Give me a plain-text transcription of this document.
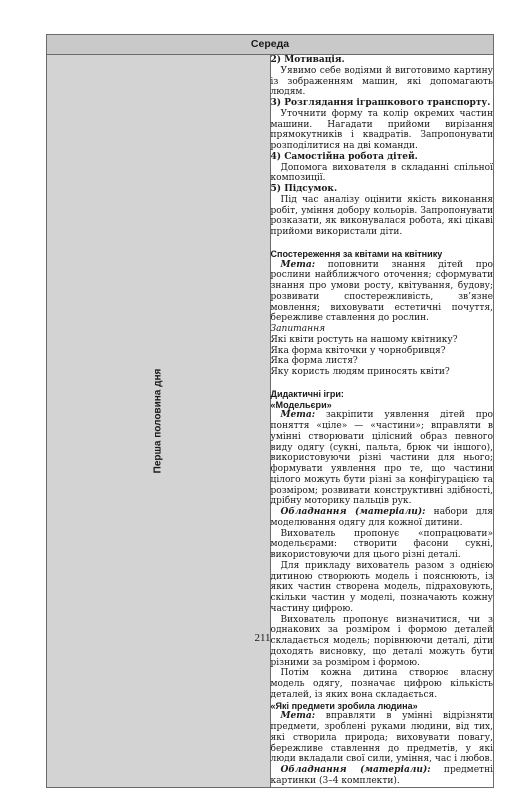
Середа

Перша половина дня

2) Мотивація.

Уявимо себе водіями й виготовимо картину із зображенням машин, які допомагають людям.

3) Розглядання іграшкового транспорту.

Уточнити форму та колір окремих частин машини. Нагадати прийоми вирізання прямокутників і квадратів. Запропонувати розподілитися на дві команди.

4) Самостійна робота дітей.

Допомога вихователя в складанні спільної композиції.

5) Підсумок.

Під час аналізу оцінити якість виконання робіт, уміння добору кольорів. Запропонувати розказати, як виконувалася робота, які цікаві прийоми використали діти.

Спостереження за квітами на квітнику

Мета: поповнити знання дітей про рослини найближчого оточення; сформувати знання про умови росту, квітування, будову; розвивати спостережливість, зв’язне мовлення; виховувати естетичні почуття, бережливе ставлення до рослин.

Запитання

Які квіти ростуть на нашому квітнику?

Яка форма квіточки у чорнобривця?

Яка форма листя?

Яку користь людям приносять квіти?

Дидактичні ігри:

«Модельєри»

Мета: закріпити уявлення дітей про поняття «ціле» — «частини»; вправляти в умінні створювати цілісний образ певного виду одягу (сукні, пальта, брюк чи іншого), використовуючи різні частини для нього; формувати уявлення про те, що частини цілого можуть бути різні за конфігурацією та розміром; розвивати конструктивні здібності, дрібну моторику пальців рук.

Обладнання (матеріали): набори для моделювання одягу для кожної дитини.

Вихователь пропонує «попрацювати» модельєрами: створити фасони сукні, використовуючи для цього різні деталі.

Для прикладу вихователь разом з однією дитиною створюють модель і пояснюють, із яких частин створена модель, підраховують, скільки частин у моделі, позначають кожну частину цифрою.

Вихователь пропонує визначитися, чи з однакових за розміром і формою деталей складається модель; порівнюючи деталі, діти доходять висновку, що деталі можуть бути різними за розміром і формою.

Потім кожна дитина створює власну модель одягу, позначає цифрою кількість деталей, із яких вона складається.

«Які предмети зробила людина»

Мета: вправляти в умінні відрізняти предмети, зроблені руками людини, від тих, які створила природа; виховувати повагу, бережливе ставлення до предметів, у які люди вкладали свої сили, уміння, час і любов.

Обладнання (матеріали): предметні картинки (3–4 комплекти).

211
